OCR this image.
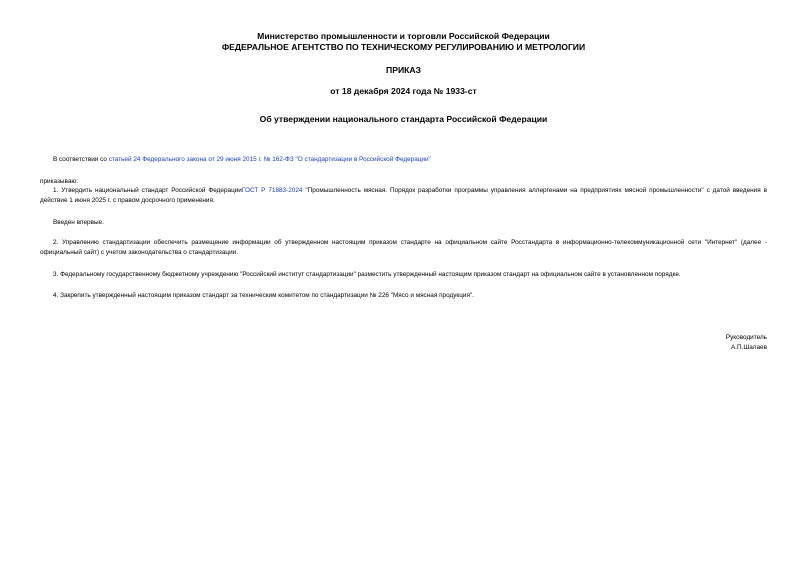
Министерство промышленности и торговли Российской Федерации
ФЕДЕРАЛЬНОЕ АГЕНТСТВО ПО ТЕХНИЧЕСКОМУ РЕГУЛИРОВАНИЮ И МЕТРОЛОГИИ
ПРИКАЗ
от 18 декабря 2024 года № 1933-ст
Об утверждении национального стандарта Российской Федерации
В соответствии со статьей 24 Федерального закона от 29 июня 2015 г. № 162-ФЗ "О стандартизации в Российской Федерации"
приказываю:
1. Утвердить национальный стандарт Российской ФедерацииГОСТ Р 71883-2024 "Промышленность мясная. Порядок разработки программы управления аллергенами на предприятиях мясной промышленности" с датой введения в действие 1 июня 2025 г. с правом досрочного применения.
Введен впервые.
2. Управлению стандартизации обеспечить размещение информации об утвержденном настоящим приказом стандарте на официальном сайте Росстандарта в информационно-телекоммуникационной сети "Интернет" (далее - официальный сайт) с учетом законодательства о стандартизации.
3. Федеральному государственному бюджетному учреждению "Российский институт стандартизации" разместить утвержденный настоящим приказом стандарт на официальном сайте в установленном порядке.
4. Закрепить утвержденный настоящим приказом стандарт за техническим комитетом по стандартизации № 226 "Мясо и мясная продукция".
Руководитель
А.П.Шалаев
